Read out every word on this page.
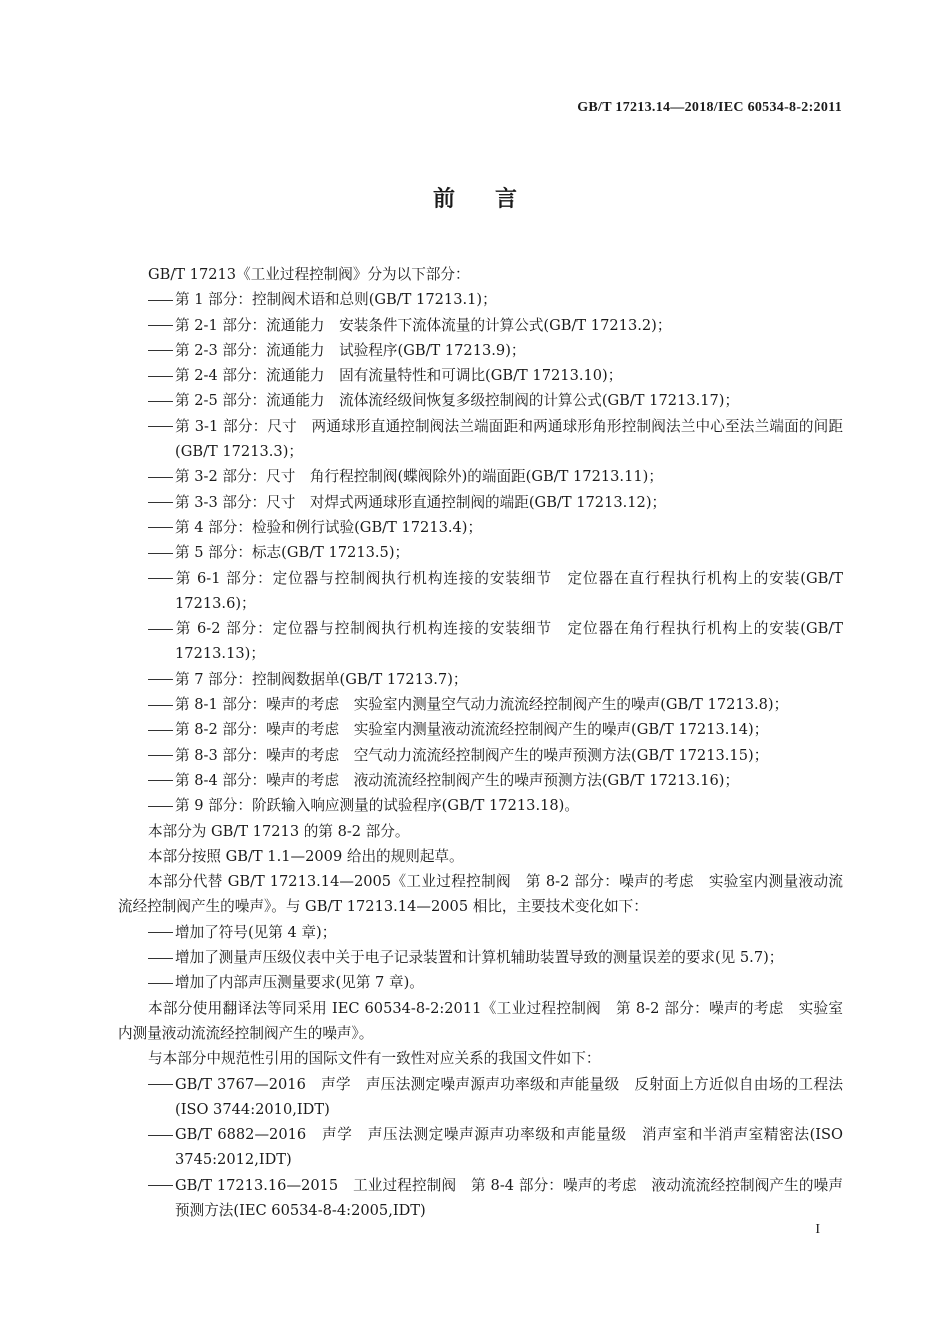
GB/T 17213.14—2018/IEC 60534-8-2:2011
前言

GB/T 17213《工业过程控制阀》分为以下部分：

第 1 部分：控制阀术语和总则(GB/T 17213.1)；

第 2-1 部分：流通能力　安装条件下流体流量的计算公式(GB/T 17213.2)；

第 2-3 部分：流通能力　试验程序(GB/T 17213.9)；

第 2-4 部分：流通能力　固有流量特性和可调比(GB/T 17213.10)；

第 2-5 部分：流通能力　流体流经级间恢复多级控制阀的计算公式(GB/T 17213.17)；

第 3-1 部分：尺寸　两通球形直通控制阀法兰端面距和两通球形角形控制阀法兰中心至法兰端面的间距(GB/T 17213.3)；

第 3-2 部分：尺寸　角行程控制阀(蝶阀除外)的端面距(GB/T 17213.11)；

第 3-3 部分：尺寸　对焊式两通球形直通控制阀的端距(GB/T 17213.12)；

第 4 部分：检验和例行试验(GB/T 17213.4)；

第 5 部分：标志(GB/T 17213.5)；

第 6-1 部分：定位器与控制阀执行机构连接的安装细节　定位器在直行程执行机构上的安装(GB/T 17213.6)；

第 6-2 部分：定位器与控制阀执行机构连接的安装细节　定位器在角行程执行机构上的安装(GB/T 17213.13)；

第 7 部分：控制阀数据单(GB/T 17213.7)；

第 8-1 部分：噪声的考虑　实验室内测量空气动力流流经控制阀产生的噪声(GB/T 17213.8)；

第 8-2 部分：噪声的考虑　实验室内测量液动流流经控制阀产生的噪声(GB/T 17213.14)；

第 8-3 部分：噪声的考虑　空气动力流流经控制阀产生的噪声预测方法(GB/T 17213.15)；

第 8-4 部分：噪声的考虑　液动流流经控制阀产生的噪声预测方法(GB/T 17213.16)；

第 9 部分：阶跃输入响应测量的试验程序(GB/T 17213.18)。

本部分为 GB/T 17213 的第 8-2 部分。

本部分按照 GB/T 1.1—2009 给出的规则起草。

本部分代替 GB/T 17213.14—2005《工业过程控制阀　第 8-2 部分：噪声的考虑　实验室内测量液动流流经控制阀产生的噪声》。与 GB/T 17213.14—2005 相比，主要技术变化如下：

增加了符号(见第 4 章)；

增加了测量声压级仪表中关于电子记录装置和计算机辅助装置导致的测量误差的要求(见 5.7)；

增加了内部声压测量要求(见第 7 章)。

本部分使用翻译法等同采用 IEC 60534-8-2:2011《工业过程控制阀　第 8-2 部分：噪声的考虑　实验室内测量液动流流经控制阀产生的噪声》。

与本部分中规范性引用的国际文件有一致性对应关系的我国文件如下：

GB/T 3767—2016　声学　声压法测定噪声源声功率级和声能量级　反射面上方近似自由场的工程法(ISO 3744:2010,IDT)

GB/T 6882—2016　声学　声压法测定噪声源声功率级和声能量级　消声室和半消声室精密法(ISO 3745:2012,IDT)

GB/T 17213.16—2015　工业过程控制阀　第 8-4 部分：噪声的考虑　液动流流经控制阀产生的噪声预测方法(IEC 60534-8-4:2005,IDT)

I
